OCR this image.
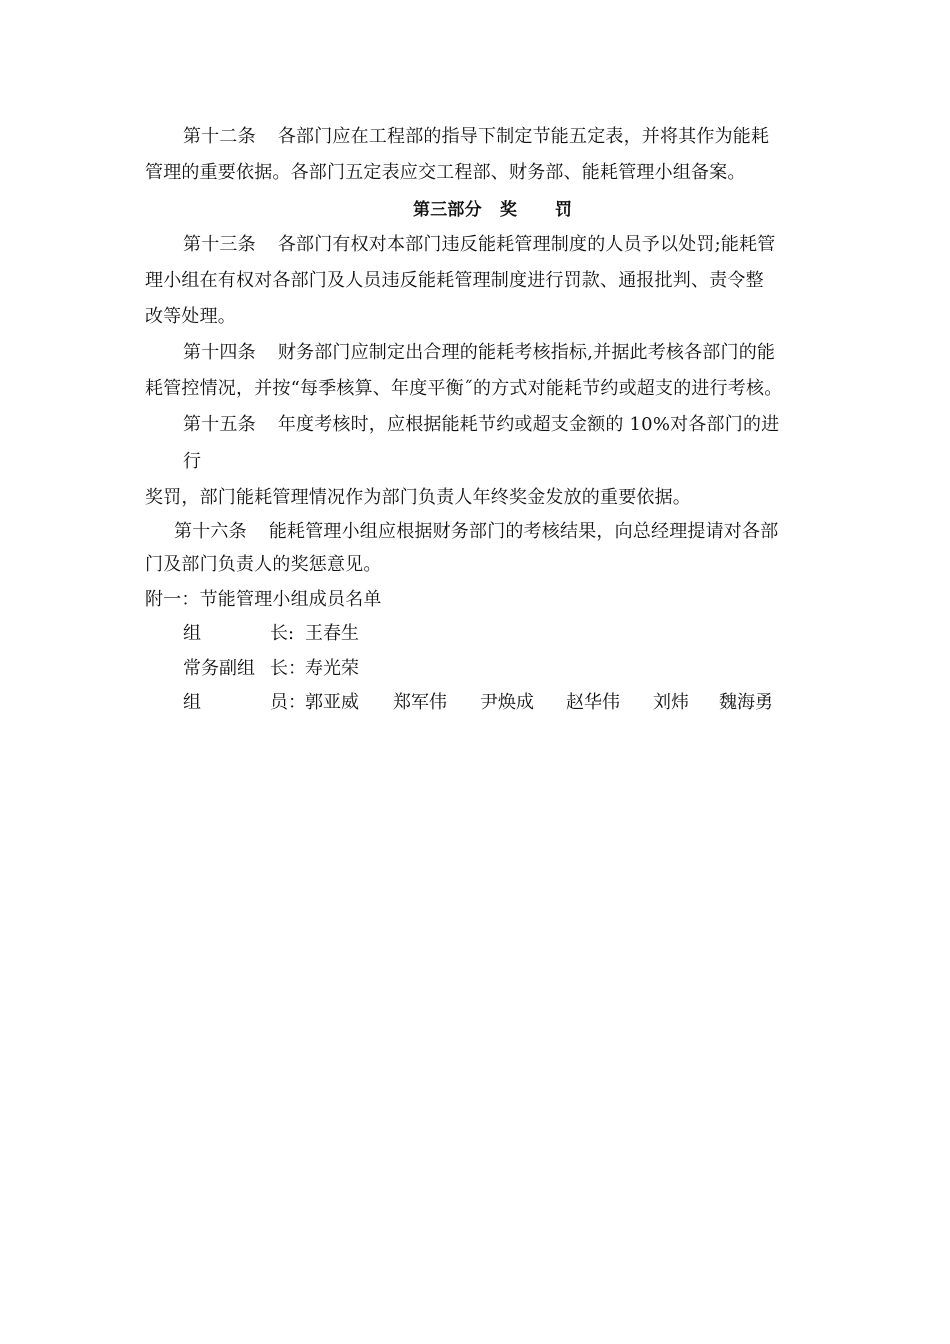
第十二条 各部门应在工程部的指导下制定节能五定表，并将其作为能耗
管理的重要依据。各部门五定表应交工程部、财务部、能耗管理小组备案。
第三部分 奖 罚
第十三条 各部门有权对本部门违反能耗管理制度的人员予以处罚;能耗管
理小组在有权对各部门及人员违反能耗管理制度进行罚款、通报批判、责令整
改等处理。
第十四条 财务部门应制定出合理的能耗考核指标,并据此考核各部门的能
耗管控情况，并按“每季核算、年度平衡˝的方式对能耗节约或超支的进行考核。
第十五条 年度考核时，应根据能耗节约或超支金额的 10%对各部门的进
行
奖罚，部门能耗管理情况作为部门负责人年终奖金发放的重要依据。
第十六条 能耗管理小组应根据财务部门的考核结果，向总经理提请对各部
门及部门负责人的奖惩意见。
附一：节能管理小组成员名单
组	长: 王春生
常务副组 长： 寿光荣
组	员： 郭亚威 郑军伟 尹焕成 赵华伟 刘炜 魏海勇
